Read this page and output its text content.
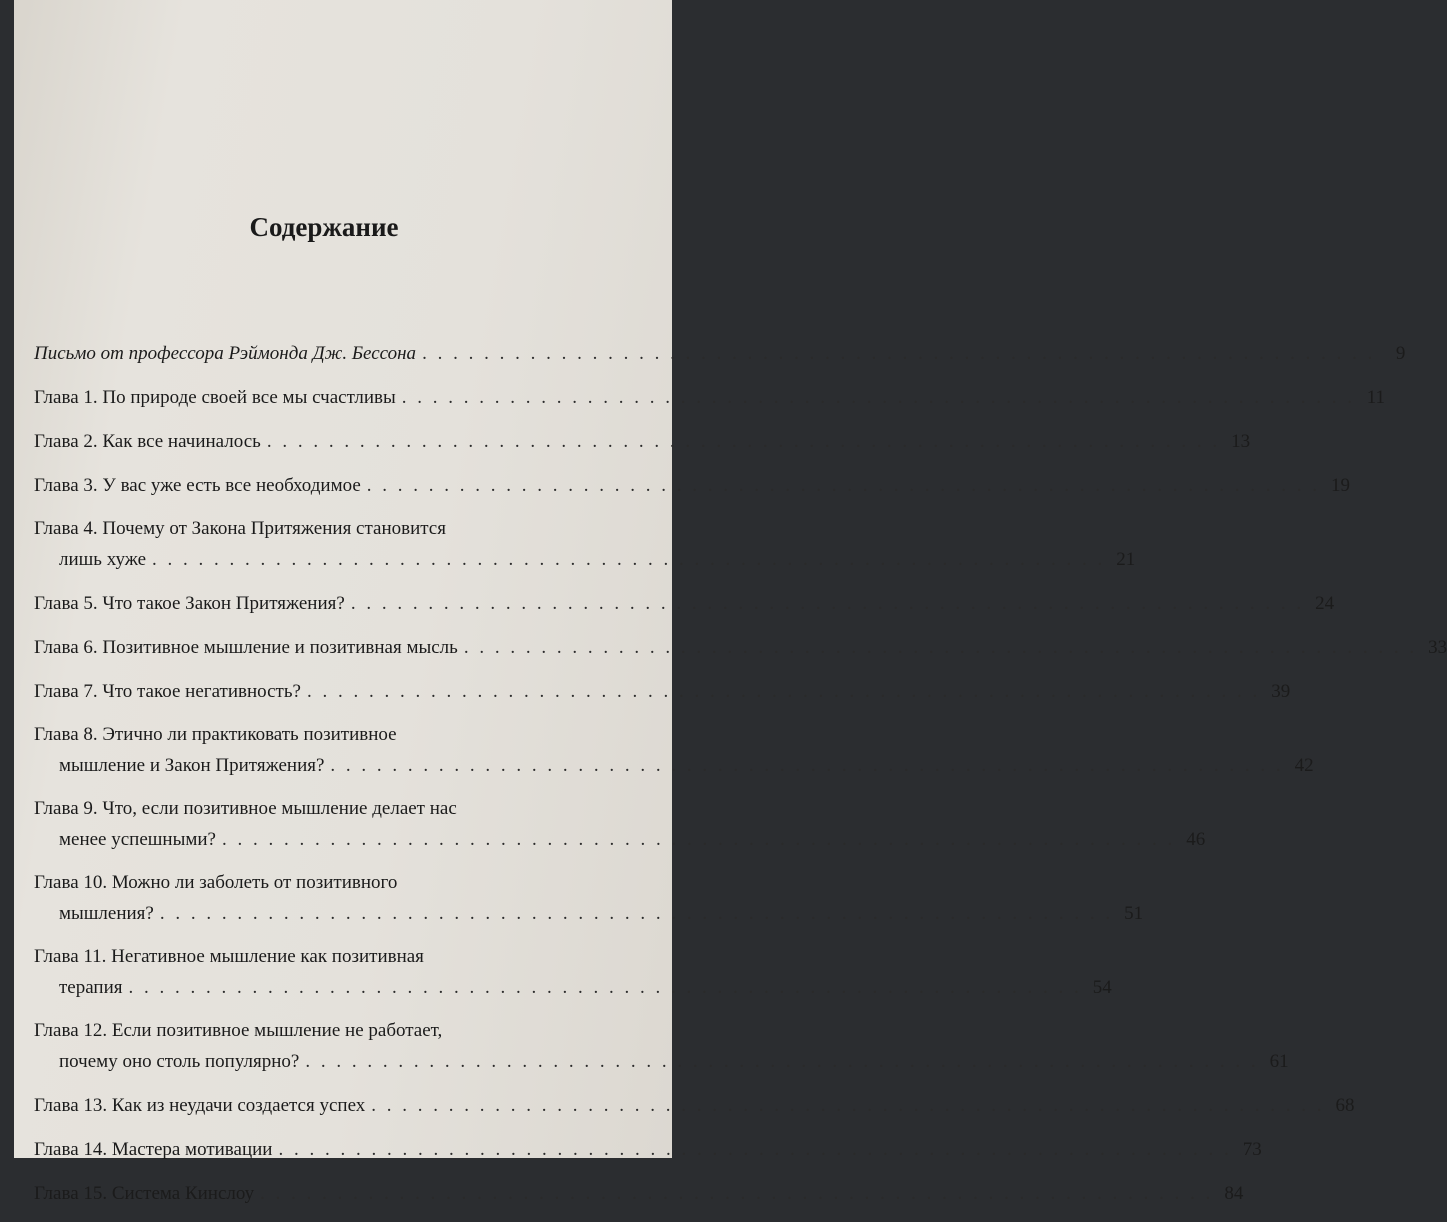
Содержание
Письмо от профессора Рэймонда Дж. Бессона . . . . . . . . . . . . . . . . . . . . . . . . . . . . . . . . . . . . . . . . . . . . . . . . . . . . . . . . . . . . . .	9
Глава 1. По природе своей все мы счастливы . . . . . . . . . . . . . . . . . . . . . . . . . . . . . . . . . . . . . . . . . . . . . . . . . . . . . . . . . . . . . . 11
Глава 2. Как все начиналось . . . . . . . . . . . . . . . . . . . . . . . . . . . . . . . . . . . . . . . . . . . . . . . . . . . . . . . . . . . . . . 13
Глава 3. У вас уже есть все необходимое . . . . . . . . . . . . . . . . . . . . . . . . . . . . . . . . . . . . . . . . . . . . . . . . . . . . . . . . . . . . . . 19
Глава 4. Почему от Закона Притяжения становится
лишь хуже . . . . . . . . . . . . . . . . . . . . . . . . . . . . . . . . . . . . . . . . . . . . . . . . . . . . . . . . . . . . . . 21
Глава 5. Что такое Закон Притяжения? . . . . . . . . . . . . . . . . . . . . . . . . . . . . . . . . . . . . . . . . . . . . . . . . . . . . . . . . . . . . . . 24
Глава 6. Позитивное мышление и позитивная мысль . . . . . . . . . . . . . . . . . . . . . . . . . . . . . . . . . . . . . . . . . . . . . . . . . . . . . . . . . . . . . . 33
Глава 7. Что такое негативность? . . . . . . . . . . . . . . . . . . . . . . . . . . . . . . . . . . . . . . . . . . . . . . . . . . . . . . . . . . . . . . 39
Глава 8. Этично ли практиковать позитивное
мышление и Закон Притяжения? . . . . . . . . . . . . . . . . . . . . . . . . . . . . . . . . . . . . . . . . . . . . . . . . . . . . . . . . . . . . . . 42
Глава 9. Что, если позитивное мышление делает нас
менее успешными? . . . . . . . . . . . . . . . . . . . . . . . . . . . . . . . . . . . . . . . . . . . . . . . . . . . . . . . . . . . . . . 46
Глава 10. Можно ли заболеть от позитивного
мышления? . . . . . . . . . . . . . . . . . . . . . . . . . . . . . . . . . . . . . . . . . . . . . . . . . . . . . . . . . . . . . . 51
Глава 11. Негативное мышление как позитивная
терапия . . . . . . . . . . . . . . . . . . . . . . . . . . . . . . . . . . . . . . . . . . . . . . . . . . . . . . . . . . . . . . 54
Глава 12. Если позитивное мышление не работает,
почему оно столь популярно? . . . . . . . . . . . . . . . . . . . . . . . . . . . . . . . . . . . . . . . . . . . . . . . . . . . . . . . . . . . . . . 61
Глава 13. Как из неудачи создается успех . . . . . . . . . . . . . . . . . . . . . . . . . . . . . . . . . . . . . . . . . . . . . . . . . . . . . . . . . . . . . . 68
Глава 14. Мастера мотивации . . . . . . . . . . . . . . . . . . . . . . . . . . . . . . . . . . . . . . . . . . . . . . . . . . . . . . . . . . . . . . 73
Глава 15. Система Кинслоу . . . . . . . . . . . . . . . . . . . . . . . . . . . . . . . . . . . . . . . . . . . . . . . . . . . . . . . . . . . . . . 84
